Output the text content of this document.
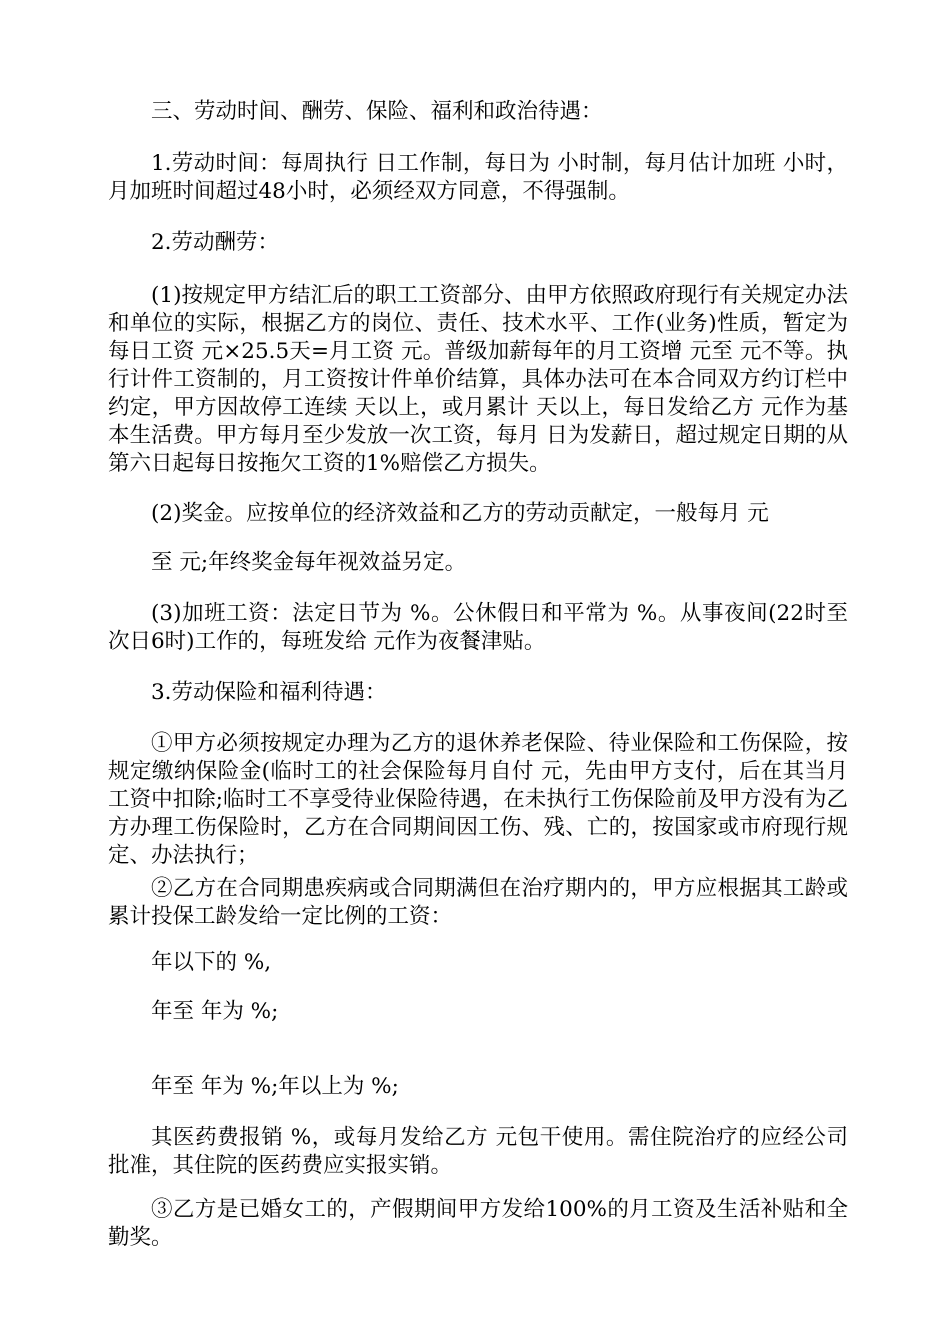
三、劳动时间、酬劳、保险、福利和政治待遇：

1.劳动时间：每周执行 日工作制，每日为 小时制，每月估计加班 小时，月加班时间超过48小时，必须经双方同意，不得强制。

2.劳动酬劳：

(1)按规定甲方结汇后的职工工资部分、由甲方依照政府现行有关规定办法和单位的实际，根据乙方的岗位、责任、技术水平、工作(业务)性质，暂定为每日工资 元×25.5天=月工资 元。普级加薪每年的月工资增 元至 元不等。执行计件工资制的，月工资按计件单价结算，具体办法可在本合同双方约订栏中约定，甲方因故停工连续 天以上，或月累计 天以上，每日发给乙方 元作为基本生活费。甲方每月至少发放一次工资，每月 日为发薪日，超过规定日期的从第六日起每日按拖欠工资的1%赔偿乙方损失。

(2)奖金。应按单位的经济效益和乙方的劳动贡献定，一般每月 元

至 元;年终奖金每年视效益另定。

(3)加班工资：法定日节为 %。公休假日和平常为 %。从事夜间(22时至次日6时)工作的，每班发给 元作为夜餐津贴。

3.劳动保险和福利待遇：

①甲方必须按规定办理为乙方的退休养老保险、待业保险和工伤保险，按规定缴纳保险金(临时工的社会保险每月自付 元，先由甲方支付，后在其当月工资中扣除;临时工不享受待业保险待遇，在未执行工伤保险前及甲方没有为乙方办理工伤保险时，乙方在合同期间因工伤、残、亡的，按国家或市府现行规定、办法执行；

②乙方在合同期患疾病或合同期满但在治疗期内的，甲方应根据其工龄或累计投保工龄发给一定比例的工资：

年以下的 %,

年至 年为 %;

年至 年为 %;年以上为 %;

其医药费报销 %，或每月发给乙方 元包干使用。需住院治疗的应经公司批准，其住院的医药费应实报实销。

③乙方是已婚女工的，产假期间甲方发给100%的月工资及生活补贴和全勤奖。
